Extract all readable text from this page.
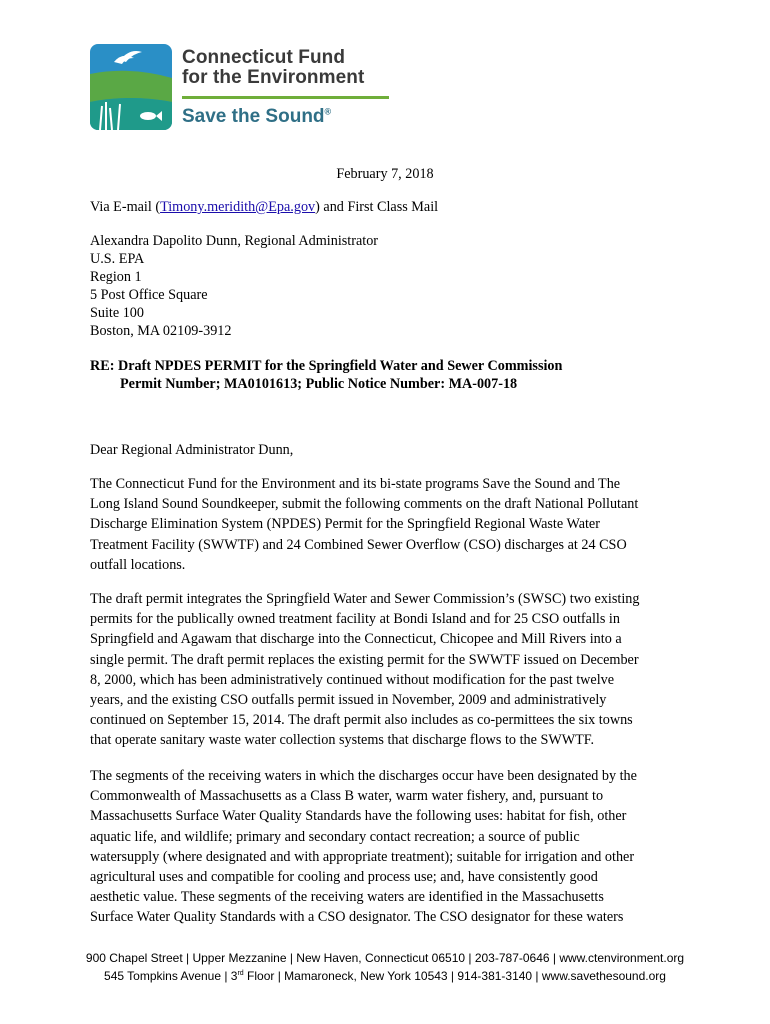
Connecticut Fund
for the Environment
Save the Sound®
February 7, 2018
Via E-mail (Timony.meridith@Epa.gov) and First Class Mail
Alexandra Dapolito Dunn, Regional Administrator
U.S. EPA
Region 1
5 Post Office Square
Suite 100
Boston, MA 02109-3912
RE: Draft NPDES PERMIT for the Springfield Water and Sewer Commission
Permit Number; MA0101613; Public Notice Number: MA-007-18
Dear Regional Administrator Dunn,
The Connecticut Fund for the Environment and its bi-state programs Save the Sound and The
Long Island Sound Soundkeeper, submit the following comments on the draft National Pollutant
Discharge Elimination System (NPDES) Permit for the Springfield Regional Waste Water
Treatment Facility (SWWTF) and 24 Combined Sewer Overflow (CSO) discharges at 24 CSO
outfall locations.
The draft permit integrates the Springfield Water and Sewer Commission’s (SWSC) two existing
permits for the publically owned treatment facility at Bondi Island and for 25 CSO outfalls in
Springfield and Agawam that discharge into the Connecticut, Chicopee and Mill Rivers into a
single permit. The draft permit replaces the existing permit for the SWWTF issued on December
8, 2000, which has been administratively continued without modification for the past twelve
years, and the existing CSO outfalls permit issued in November, 2009 and administratively
continued on September 15, 2014. The draft permit also includes as co-permittees the six towns
that operate sanitary waste water collection systems that discharge flows to the SWWTF.
The segments of the receiving waters in which the discharges occur have been designated by the
Commonwealth of Massachusetts as a Class B water, warm water fishery, and, pursuant to
Massachusetts Surface Water Quality Standards have the following uses: habitat for fish, other
aquatic life, and wildlife; primary and secondary contact recreation; a source of public
watersupply (where designated and with appropriate treatment); suitable for irrigation and other
agricultural uses and compatible for cooling and process use; and, have consistently good
aesthetic value. These segments of the receiving waters are identified in the Massachusetts
Surface Water Quality Standards with a CSO designator. The CSO designator for these waters
900 Chapel Street | Upper Mezzanine | New Haven, Connecticut 06510 | 203-787-0646 | www.ctenvironment.org
545 Tompkins Avenue | 3rd Floor | Mamaroneck, New York 10543 | 914-381-3140 | www.savethesound.org
